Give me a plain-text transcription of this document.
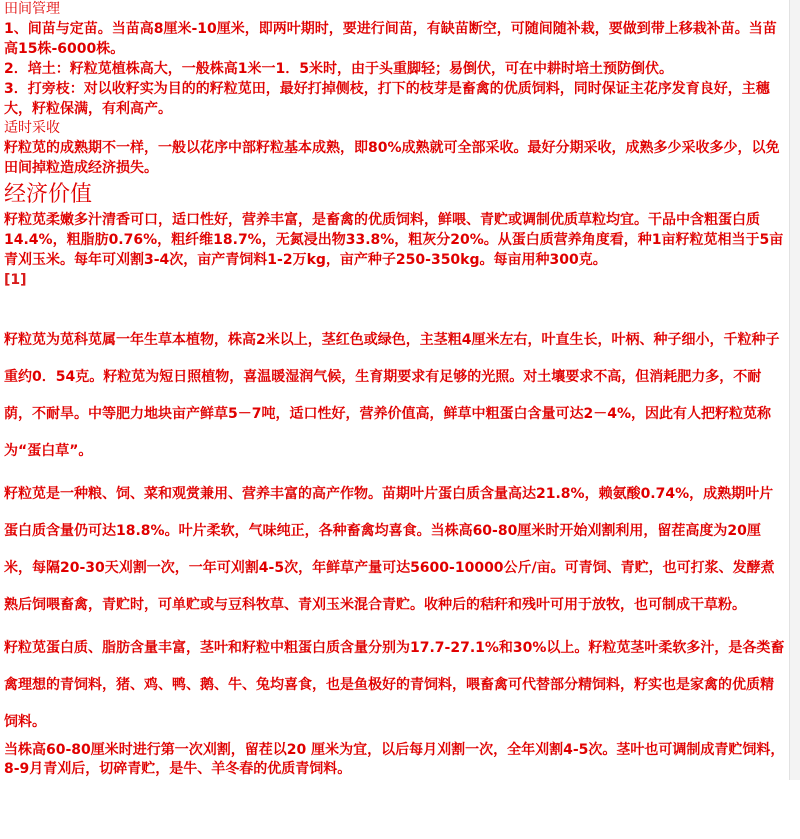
田间管理

1、间苗与定苗。当苗高8厘米-10厘米，即两叶期时，要进行间苗，有缺苗断空，可随间随补栽，要做到带上移栽补苗。当苗高15株-6000株。

2．培土：籽粒苋植株高大，一般株高1米一1．5米时，由于头重脚轻；易倒伏，可在中耕时培土预防倒伏。

3．打旁枝：对以收籽实为目的的籽粒苋田，最好打掉侧枝，打下的枝芽是畜禽的优质饲料，同时保证主花序发育良好，主穗大，籽粒保满，有利高产。

适时采收

籽粒苋的成熟期不一样，一般以花序中部籽粒基本成熟，即80%成熟就可全部采收。最好分期采收，成熟多少采收多少，以免田间掉粒造成经济损失。

经济价值

籽粒苋柔嫩多汁清香可口，适口性好，营养丰富，是畜禽的优质饲料，鲜喂、青贮或调制优质草粒均宜。干品中含粗蛋白质14.4%，粗脂肪0.76%，粗纤维18.7%，无氮浸出物33.8%，粗灰分20%。从蛋白质营养角度看，种1亩籽粒苋相当于5亩青刈玉米。每年可刈割3-4次，亩产青饲料1-2万kg，亩产种子250-350kg。每亩用种300克。

[1]

籽粒苋为苋科苋属一年生草本植物，株高2米以上，茎红色或绿色，主茎粗4厘米左右，叶直生长，叶柄、种子细小，千粒种子重约0．54克。籽粒苋为短日照植物，喜温暖湿润气候，生育期要求有足够的光照。对土壤要求不高，但消耗肥力多，不耐荫，不耐旱。中等肥力地块亩产鲜草5－7吨，适口性好，营养价值高，鲜草中粗蛋白含量可达2－4%，因此有人把籽粒苋称为“蛋白草”。

籽粒苋是一种粮、饲、菜和观赏兼用、营养丰富的高产作物。苗期叶片蛋白质含量高达21.8%，赖氨酸0.74%，成熟期叶片蛋白质含量仍可达18.8%。叶片柔软，气味纯正，各种畜禽均喜食。当株高60-80厘米时开始刈割利用，留茬高度为20厘米，每隔20-30天刈割一次，一年可刈割4-5次，年鲜草产量可达5600-10000公斤/亩。可青饲、青贮，也可打浆、发酵煮熟后饲喂畜禽，青贮时，可单贮或与豆科牧草、青刈玉米混合青贮。收种后的秸秆和残叶可用于放牧，也可制成干草粉。

籽粒苋蛋白质、脂肪含量丰富，茎叶和籽粒中粗蛋白质含量分别为17.7-27.1%和30%以上。籽粒苋茎叶柔软多汁，是各类畜禽理想的青饲料，猪、鸡、鸭、鹅、牛、兔均喜食，也是鱼极好的青饲料，喂畜禽可代替部分精饲料，籽实也是家禽的优质精饲料。

当株高60-80厘米时进行第一次刈割，留茬以20 厘米为宜，以后每月刈割一次，全年刈割4-5次。茎叶也可调制成青贮饲料，8-9月青刈后，切碎青贮，是牛、羊冬春的优质青饲料。
